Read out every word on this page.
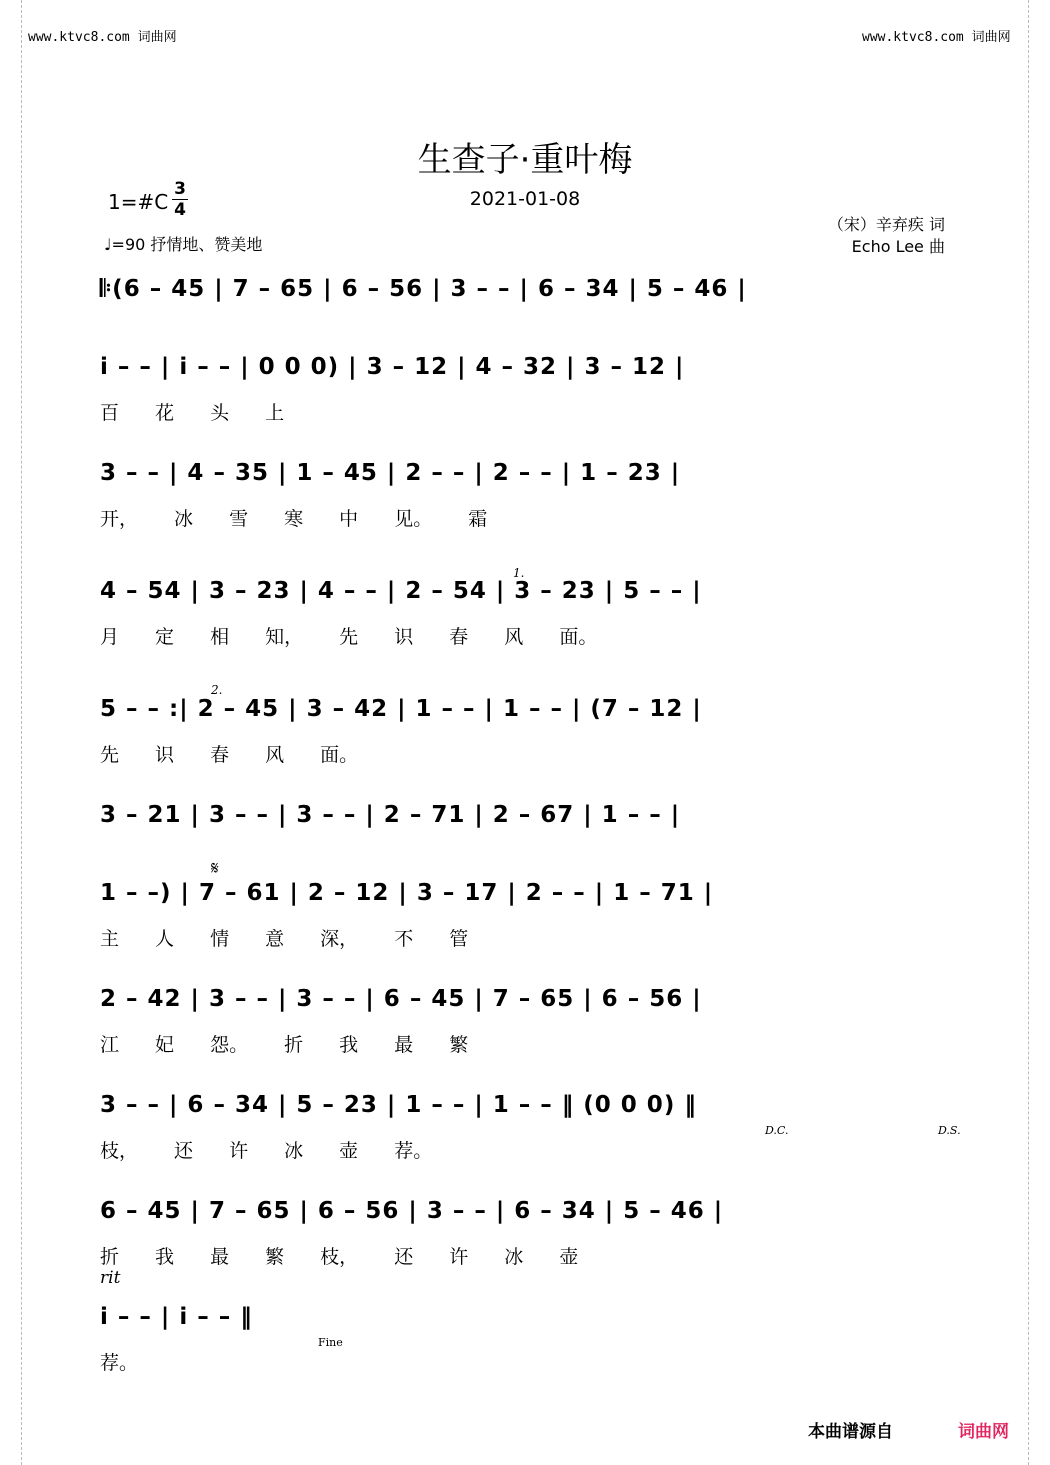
www.ktvc8.com 词曲网	www.ktvc8.com 词曲网
生查子·重叶梅
2021-01-08
1=#C
3
4
♩=90 抒情地、赞美地
（宋）辛弃疾 词
Echo Lee 曲
𝄆(6 – 45 | 7 – 65 | 6 – 56 | 3 – – | 6 – 34 | 5 – 46 |
i – – | i – – | 0 0 0) | 3 – 12 | 4 – 32 | 3 – 12 |
百 花 头 上
3 – – | 4 – 35 | 1 – 45 | 2 – – | 2 – – | 1 – 23 |
开， 冰 雪 寒 中 见。 霜
4 – 54 | 3 – 23 | 4 – – | 2 – 54 | 3 – 23 | 5 – – |
月 定 相 知， 先 识 春 风 面。
5 – – :| 2 – 45 | 3 – 42 | 1 – – | 1 – – | (7 – 12 |
先 识 春 风 面。
3 – 21 | 3 – – | 3 – – | 2 – 71 | 2 – 67 | 1 – – |
1 – –) | 7 – 61 | 2 – 12 | 3 – 17 | 2 – – | 1 – 71 |
主 人 情 意 深， 不 管
2 – 42 | 3 – – | 3 – – | 6 – 45 | 7 – 65 | 6 – 56 |
江 妃 怨。 折 我 最 繁
3 – – | 6 – 34 | 5 – 23 | 1 – – | 1 – – ‖ (0 0 0) ‖
枝， 还 许 冰 壶 荐。
6 – 45 | 7 – 65 | 6 – 56 | 3 – – | 6 – 34 | 5 – 46 |
折 我 最 繁 枝， 还 许 冰 壶
i – – | i – – ‖
荐。
1.
2.
𝄋
D.C.	D.S.
rit
Fine
本曲谱源自	词曲网
